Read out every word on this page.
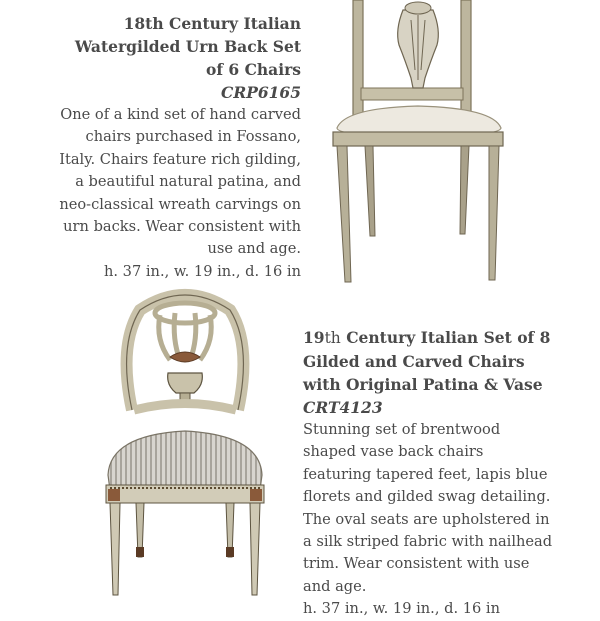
18th Century Italian Watergilded Urn Back Set of 6 Chairs
CRP6165
One of a kind set of hand carved chairs purchased in Fossano, Italy. Chairs feature rich gilding, a beautiful natural patina, and neo-classical wreath carvings on urn backs. Wear consistent with use and age.
h. 37 in., w. 19 in., d. 16 in
19th Century Italian Set of 8 Gilded and Carved Chairs with Original Patina & Vase
CRT4123
Stunning set of brentwood shaped vase back chairs featuring tapered feet, lapis blue florets and gilded swag detailing. The oval seats are upholstered in a silk striped fabric with nailhead trim. Wear consistent with use and age.
h. 37 in., w. 19 in., d. 16 in
